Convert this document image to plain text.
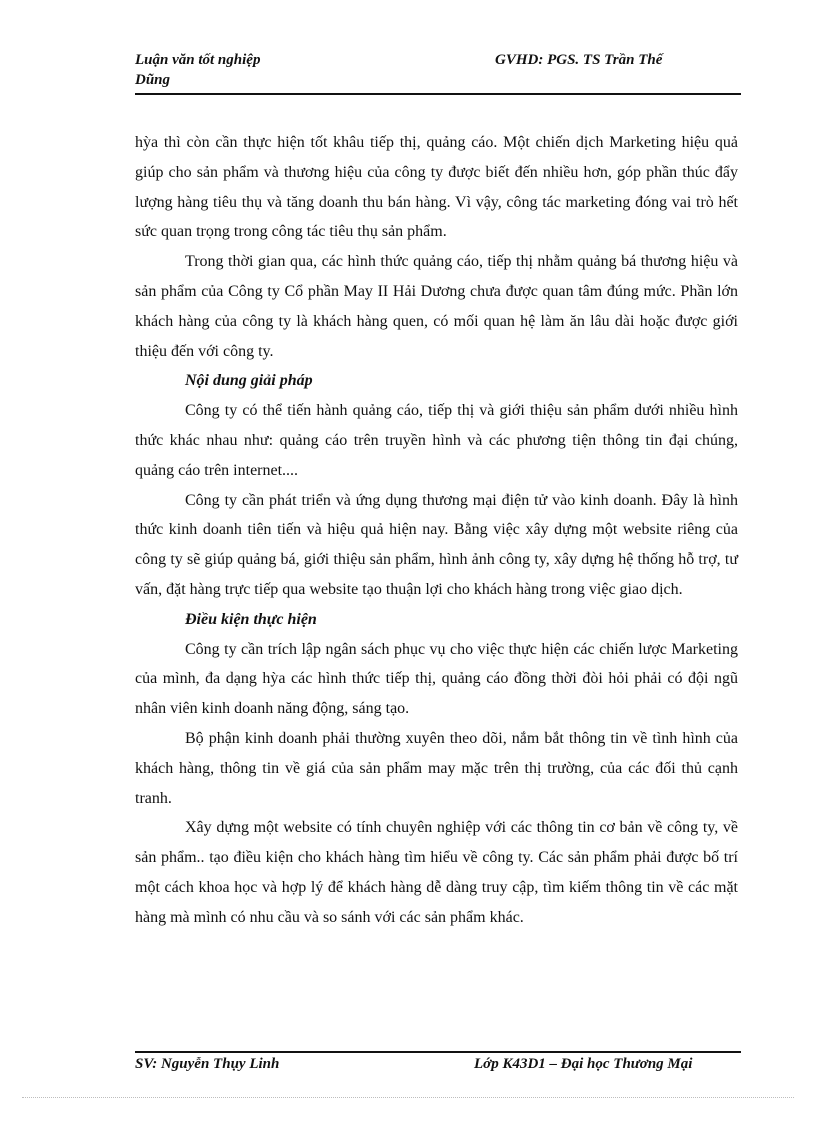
Luận văn tốt nghiệp
Dũng
GVHD: PGS. TS Trần Thế

hỳa thì còn cần thực hiện tốt khâu tiếp thị, quảng cáo. Một chiến dịch Marketing hiệu quả giúp cho sản phẩm và thương hiệu của công ty được biết đến nhiều hơn, góp phần thúc đẩy lượng hàng tiêu thụ và tăng doanh thu bán hàng. Vì vậy, công tác marketing đóng vai trò hết sức quan trọng trong công tác tiêu thụ sản phẩm.

Trong thời gian qua, các hình thức quảng cáo, tiếp thị nhằm quảng bá thương hiệu và sản phẩm của Công ty Cổ phần May II Hải Dương chưa được quan tâm đúng mức. Phần lớn khách hàng của công ty là khách hàng quen, có mối quan hệ làm ăn lâu dài hoặc được giới thiệu đến với công ty.

Nội dung giải pháp

Công ty có thể tiến hành quảng cáo, tiếp thị và giới thiệu sản phẩm dưới nhiều hình thức khác nhau như: quảng cáo trên truyền hình và các phương tiện thông tin đại chúng, quảng cáo trên internet....

Công ty cần phát triển và ứng dụng thương mại điện tử vào kinh doanh. Đây là hình thức kinh doanh tiên tiến và hiệu quả hiện nay. Bằng việc xây dựng một website riêng của công ty sẽ giúp quảng bá, giới thiệu sản phẩm, hình ảnh công ty, xây dựng hệ thống hỗ trợ, tư vấn, đặt hàng trực tiếp qua website tạo thuận lợi cho khách hàng trong việc giao dịch.

Điều kiện thực hiện

Công ty cần trích lập ngân sách phục vụ cho việc thực hiện các chiến lược Marketing của mình, đa dạng hỳa các hình thức tiếp thị, quảng cáo đồng thời đòi hỏi phải có đội ngũ nhân viên kinh doanh năng động, sáng tạo.

Bộ phận kinh doanh phải thường xuyên theo dõi, nắm bắt thông tin về tình hình của khách hàng, thông tin về giá của sản phẩm may mặc trên thị trường, của các đối thủ cạnh tranh.

Xây dựng một website có tính chuyên nghiệp với các thông tin cơ bản về công ty, về sản phẩm.. tạo điều kiện cho khách hàng tìm hiểu về công ty. Các sản phẩm phải được bố trí một cách khoa học và hợp lý để khách hàng dễ dàng truy cập, tìm kiếm thông tin về các mặt hàng mà mình có nhu cầu và so sánh với các sản phẩm khác.

SV: Nguyễn Thụy Linh	Lớp K43D1 – Đại học Thương Mại
